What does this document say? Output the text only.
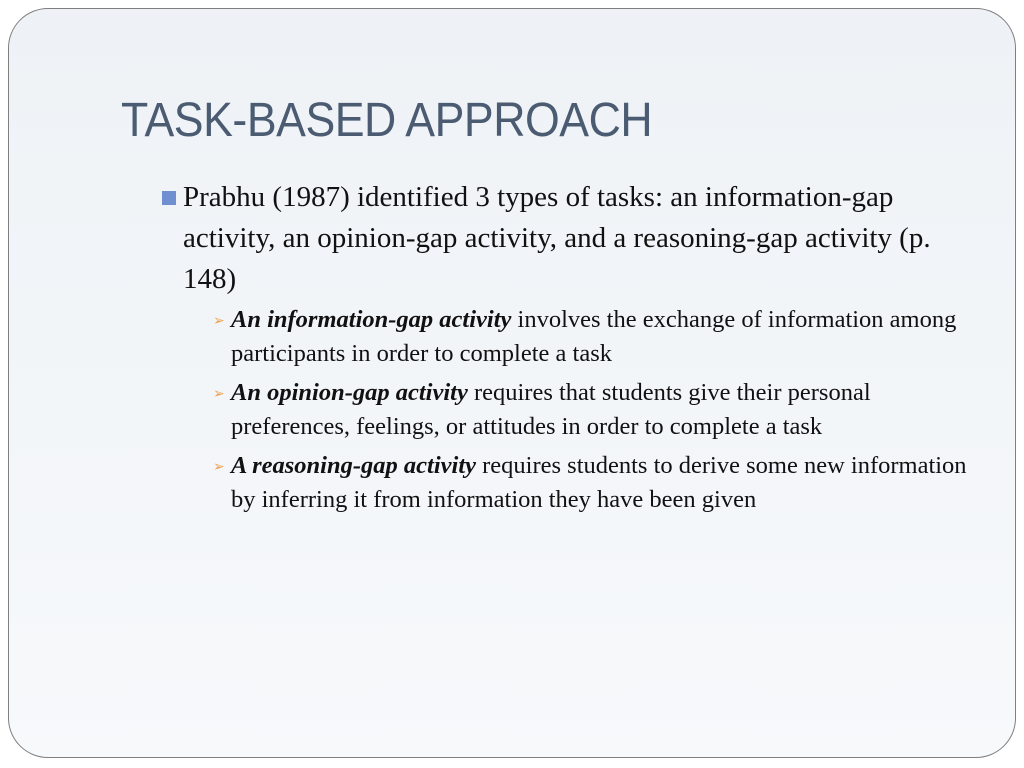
TASK-BASED APPROACH
Prabhu (1987) identified 3 types of tasks: an information-gap activity, an opinion-gap activity, and a reasoning-gap activity (p. 148)
➢ An information-gap activity involves the exchange of information among participants in order to complete a task
➢ An opinion-gap activity requires that students give their personal preferences, feelings, or attitudes in order to complete a task
➢ A reasoning-gap activity requires students to derive some new information by inferring it from information they have been given
